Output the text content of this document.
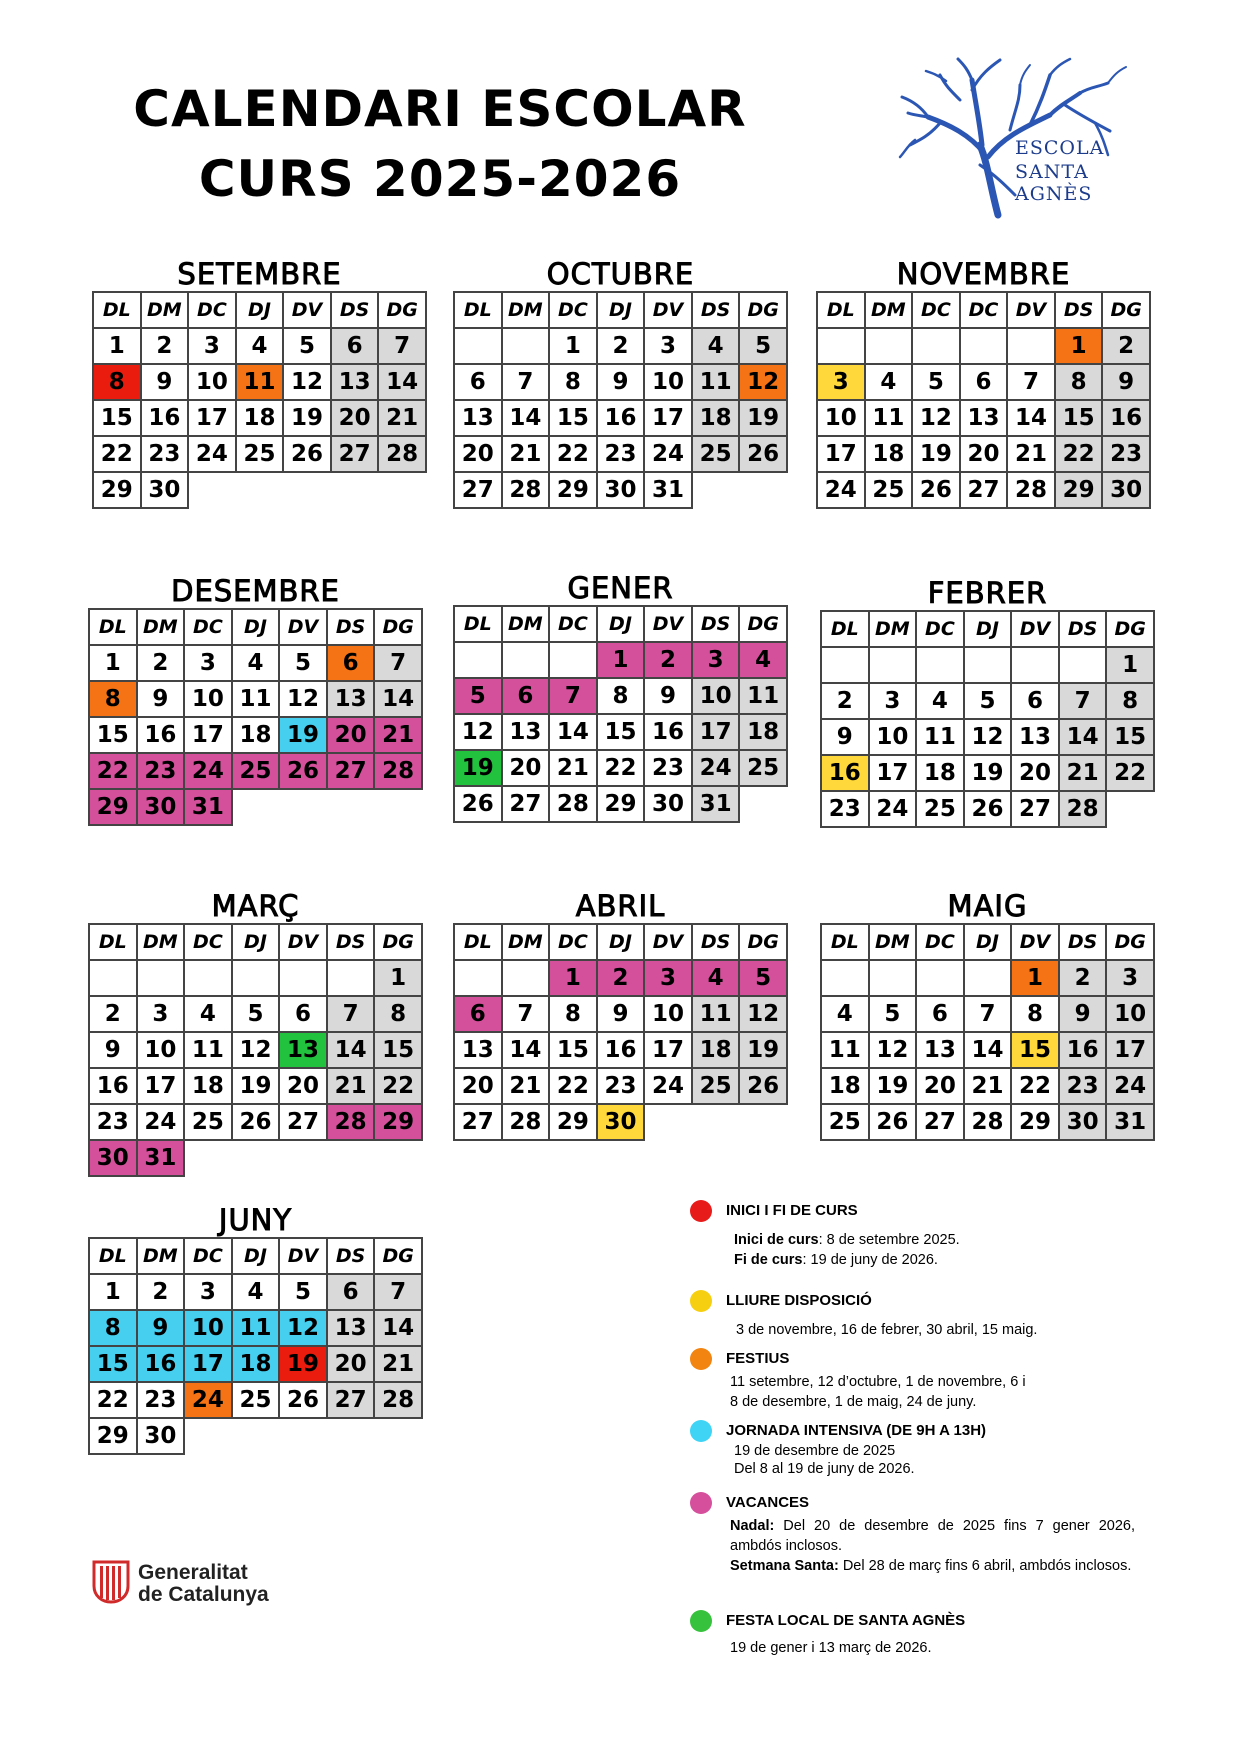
CALENDARI ESCOLAR
CURS 2025-2026
ESCOLA
SANTA AGNÈS
SETEMBRE
DL	DM	DC	DJ	DV	DS	DG
1	2	3	4	5	6	7
8	9	10	11	12	13	14
15	16	17	18	19	20	21
22	23	24	25	26	27	28
29	30					
OCTUBRE
DL	DM	DC	DJ	DV	DS	DG
		1	2	3	4	5
6	7	8	9	10	11	12
13	14	15	16	17	18	19
20	21	22	23	24	25	26
27	28	29	30	31		
NOVEMBRE
DL	DM	DC	DC	DV	DS	DG
					1	2
3	4	5	6	7	8	9
10	11	12	13	14	15	16
17	18	19	20	21	22	23
24	25	26	27	28	29	30
DESEMBRE
DL	DM	DC	DJ	DV	DS	DG
1	2	3	4	5	6	7
8	9	10	11	12	13	14
15	16	17	18	19	20	21
22	23	24	25	26	27	28
29	30	31				
GENER
DL	DM	DC	DJ	DV	DS	DG
			1	2	3	4
5	6	7	8	9	10	11
12	13	14	15	16	17	18
19	20	21	22	23	24	25
26	27	28	29	30	31	
FEBRER
DL	DM	DC	DJ	DV	DS	DG
						1
2	3	4	5	6	7	8
9	10	11	12	13	14	15
16	17	18	19	20	21	22
23	24	25	26	27	28	
MARÇ
DL	DM	DC	DJ	DV	DS	DG
						1
2	3	4	5	6	7	8
9	10	11	12	13	14	15
16	17	18	19	20	21	22
23	24	25	26	27	28	29
30	31					
ABRIL
DL	DM	DC	DJ	DV	DS	DG
		1	2	3	4	5
6	7	8	9	10	11	12
13	14	15	16	17	18	19
20	21	22	23	24	25	26
27	28	29	30			
MAIG
DL	DM	DC	DJ	DV	DS	DG
				1	2	3
4	5	6	7	8	9	10
11	12	13	14	15	16	17
18	19	20	21	22	23	24
25	26	27	28	29	30	31
JUNY
DL	DM	DC	DJ	DV	DS	DG
1	2	3	4	5	6	7
8	9	10	11	12	13	14
15	16	17	18	19	20	21
22	23	24	25	26	27	28
29	30					
INICI I FI DE CURS
Inici de curs: 8 de setembre 2025.
Fi de curs: 19 de juny de 2026.
LLIURE DISPOSICIÓ
3 de novembre, 16 de febrer, 30 abril, 15 maig.
FESTIUS
11 setembre, 12 d’octubre, 1 de novembre, 6 i
8 de desembre, 1 de maig, 24 de juny.
JORNADA INTENSIVA (DE 9H A 13H)
19 de desembre de 2025
Del 8 al 19 de juny de 2026.
VACANCES
Nadal: Del 20 de desembre de 2025 fins 7 gener 2026, ambdós inclosos.
Setmana Santa: Del 28 de març fins 6 abril, ambdós inclosos.
FESTA LOCAL DE SANTA AGNÈS
19 de gener i 13 març de 2026.
Generalitat
de Catalunya
